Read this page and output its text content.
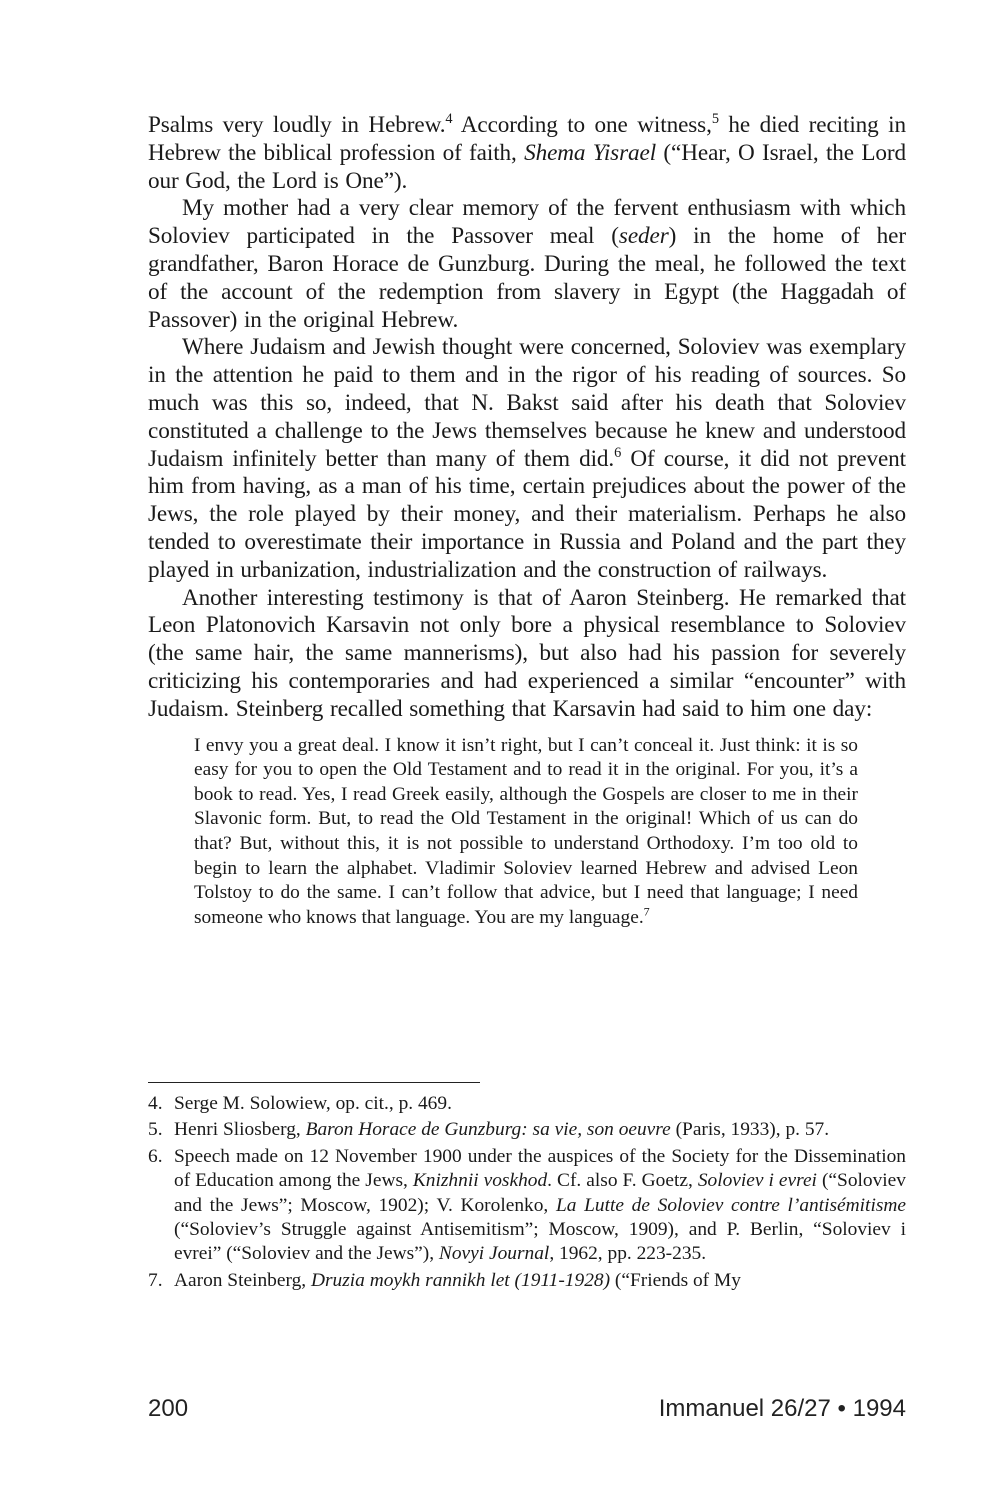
Psalms very loudly in Hebrew.$^4$ According to one witness,$^5$ he died reciting in Hebrew the biblical profession of faith, Shema Yisrael (“Hear, O Israel, the Lord our God, the Lord is One”).

My mother had a very clear memory of the fervent enthusiasm with which Soloviev participated in the Passover meal (seder) in the home of her grandfather, Baron Horace de Gunzburg. During the meal, he followed the text of the account of the redemption from slavery in Egypt (the Haggadah of Passover) in the original Hebrew.

Where Judaism and Jewish thought were concerned, Soloviev was exemplary in the attention he paid to them and in the rigor of his reading of sources. So much was this so, indeed, that N. Bakst said after his death that Soloviev constituted a challenge to the Jews themselves because he knew and understood Judaism infinitely better than many of them did.$^6$ Of course, it did not prevent him from having, as a man of his time, certain prejudices about the power of the Jews, the role played by their money, and their materialism. Perhaps he also tended to overestimate their importance in Russia and Poland and the part they played in urbanization, industrialization and the construction of railways.

Another interesting testimony is that of Aaron Steinberg. He remarked that Leon Platonovich Karsavin not only bore a physical resemblance to Soloviev (the same hair, the same mannerisms), but also had his passion for severely criticizing his contemporaries and had experienced a similar “encounter” with Judaism. Steinberg recalled something that Karsavin had said to him one day:

I envy you a great deal. I know it isn’t right, but I can’t conceal it. Just think: it is so easy for you to open the Old Testament and to read it in the original. For you, it’s a book to read. Yes, I read Greek easily, although the Gospels are closer to me in their Slavonic form. But, to read the Old Testament in the original! Which of us can do that? But, without this, it is not possible to understand Orthodoxy. I’m too old to begin to learn the alphabet. Vladimir Soloviev learned Hebrew and advised Leon Tolstoy to do the same. I can’t follow that advice, but I need that language; I need someone who knows that language. You are my language.$^7$

4. Serge M. Solowiew, op. cit., p. 469.
5. Henri Sliosberg, Baron Horace de Gunzburg: sa vie, son oeuvre (Paris, 1933), p. 57.
6. Speech made on 12 November 1900 under the auspices of the Society for the Dissemination of Education among the Jews, Knizhnii voskhod. Cf. also F. Goetz, Soloviev i evrei (“Soloviev and the Jews”; Moscow, 1902); V. Korolenko, La Lutte de Soloviev contre l’antisémitisme (“Soloviev’s Struggle against Antisemitism”; Moscow, 1909), and P. Berlin, “Soloviev i evrei” (“Soloviev and the Jews”), Novyi Journal, 1962, pp. 223-235.
7. Aaron Steinberg, Druzia moykh rannikh let (1911-1928) (“Friends of My
200	Immanuel 26/27 • 1994
